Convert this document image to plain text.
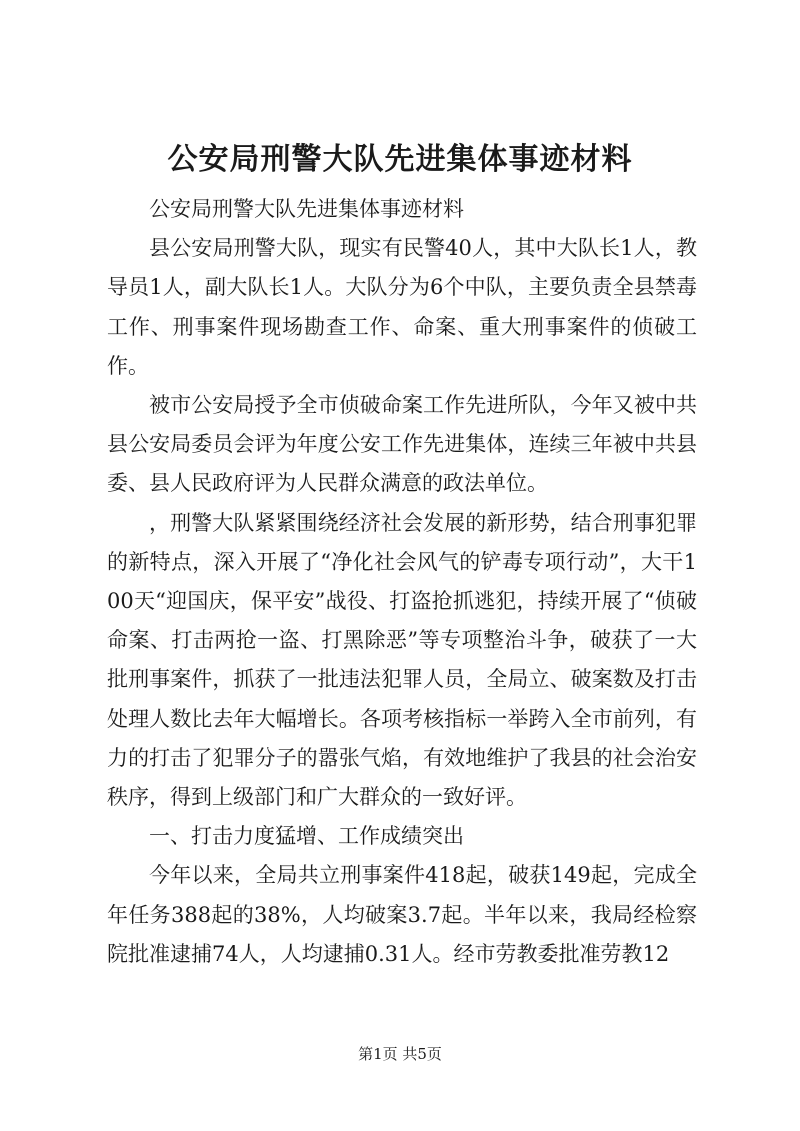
公安局刑警大队先进集体事迹材料

公安局刑警大队先进集体事迹材料

县公安局刑警大队，现实有民警40人，其中大队长1人，教导员1人，副大队长1人。大队分为6个中队，主要负责全县禁毒工作、刑事案件现场勘查工作、命案、重大刑事案件的侦破工作。

被市公安局授予全市侦破命案工作先进所队，今年又被中共县公安局委员会评为年度公安工作先进集体，连续三年被中共县委、县人民政府评为人民群众满意的政法单位。

，刑警大队紧紧围绕经济社会发展的新形势，结合刑事犯罪的新特点，深入开展了“净化社会风气的铲毒专项行动”，大干100天“迎国庆，保平安”战役、打盗抢抓逃犯，持续开展了“侦破命案、打击两抢一盗、打黑除恶”等专项整治斗争，破获了一大批刑事案件，抓获了一批违法犯罪人员，全局立、破案数及打击处理人数比去年大幅增长。各项考核指标一举跨入全市前列，有力的打击了犯罪分子的嚣张气焰，有效地维护了我县的社会治安秩序，得到上级部门和广大群众的一致好评。

一、打击力度猛增、工作成绩突出

今年以来，全局共立刑事案件418起，破获149起，完成全年任务388起的38%，人均破案3.7起。半年以来，我局经检察院批准逮捕74人，人均逮捕0.31人。经市劳教委批准劳教12

第1页 共5页
